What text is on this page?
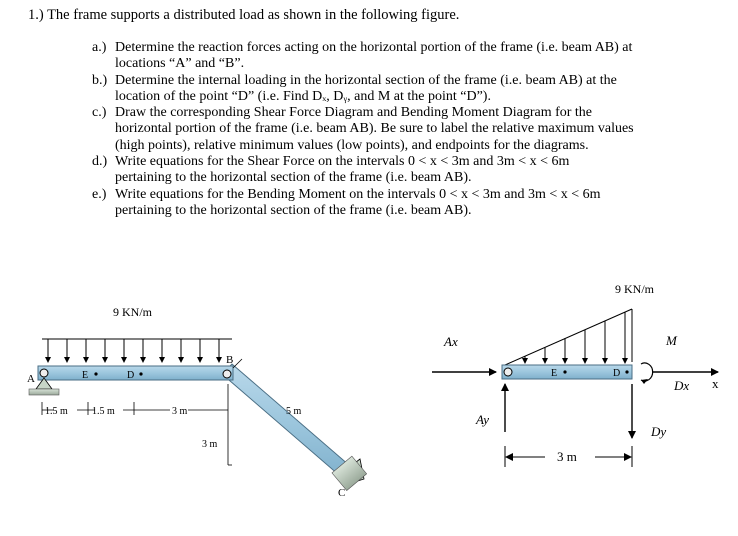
1.) The frame supports a distributed load as shown in the following figure.
a.) Determine the reaction forces acting on the horizontal portion of the frame (i.e. beam AB) at
locations “A” and “B”.
b.) Determine the internal loading in the horizontal section of the frame (i.e. beam AB) at the
location of the point “D” (i.e. Find Dₓ, Dᵧ, and M at the point “D”).
c.) Draw the corresponding Shear Force Diagram and Bending Moment Diagram for the
horizontal portion of the frame (i.e. beam AB). Be sure to label the relative maximum values
(high points), relative minimum values (low points), and endpoints for the diagrams.
d.) Write equations for the Shear Force on the intervals 0 < x < 3m and 3m < x < 6m
pertaining to the horizontal section of the frame (i.e. beam AB).
e.) Write equations for the Bending Moment on the intervals 0 < x < 3m and 3m < x < 6m
pertaining to the horizontal section of the frame (i.e. beam AB).
9 KN/m
A
B
E	D
C
1.5 m 1.5 m	3 m
3 m
5 m
9 KN/m
E	D
Ax
Ay
M
Dx x
Dy
3 m
